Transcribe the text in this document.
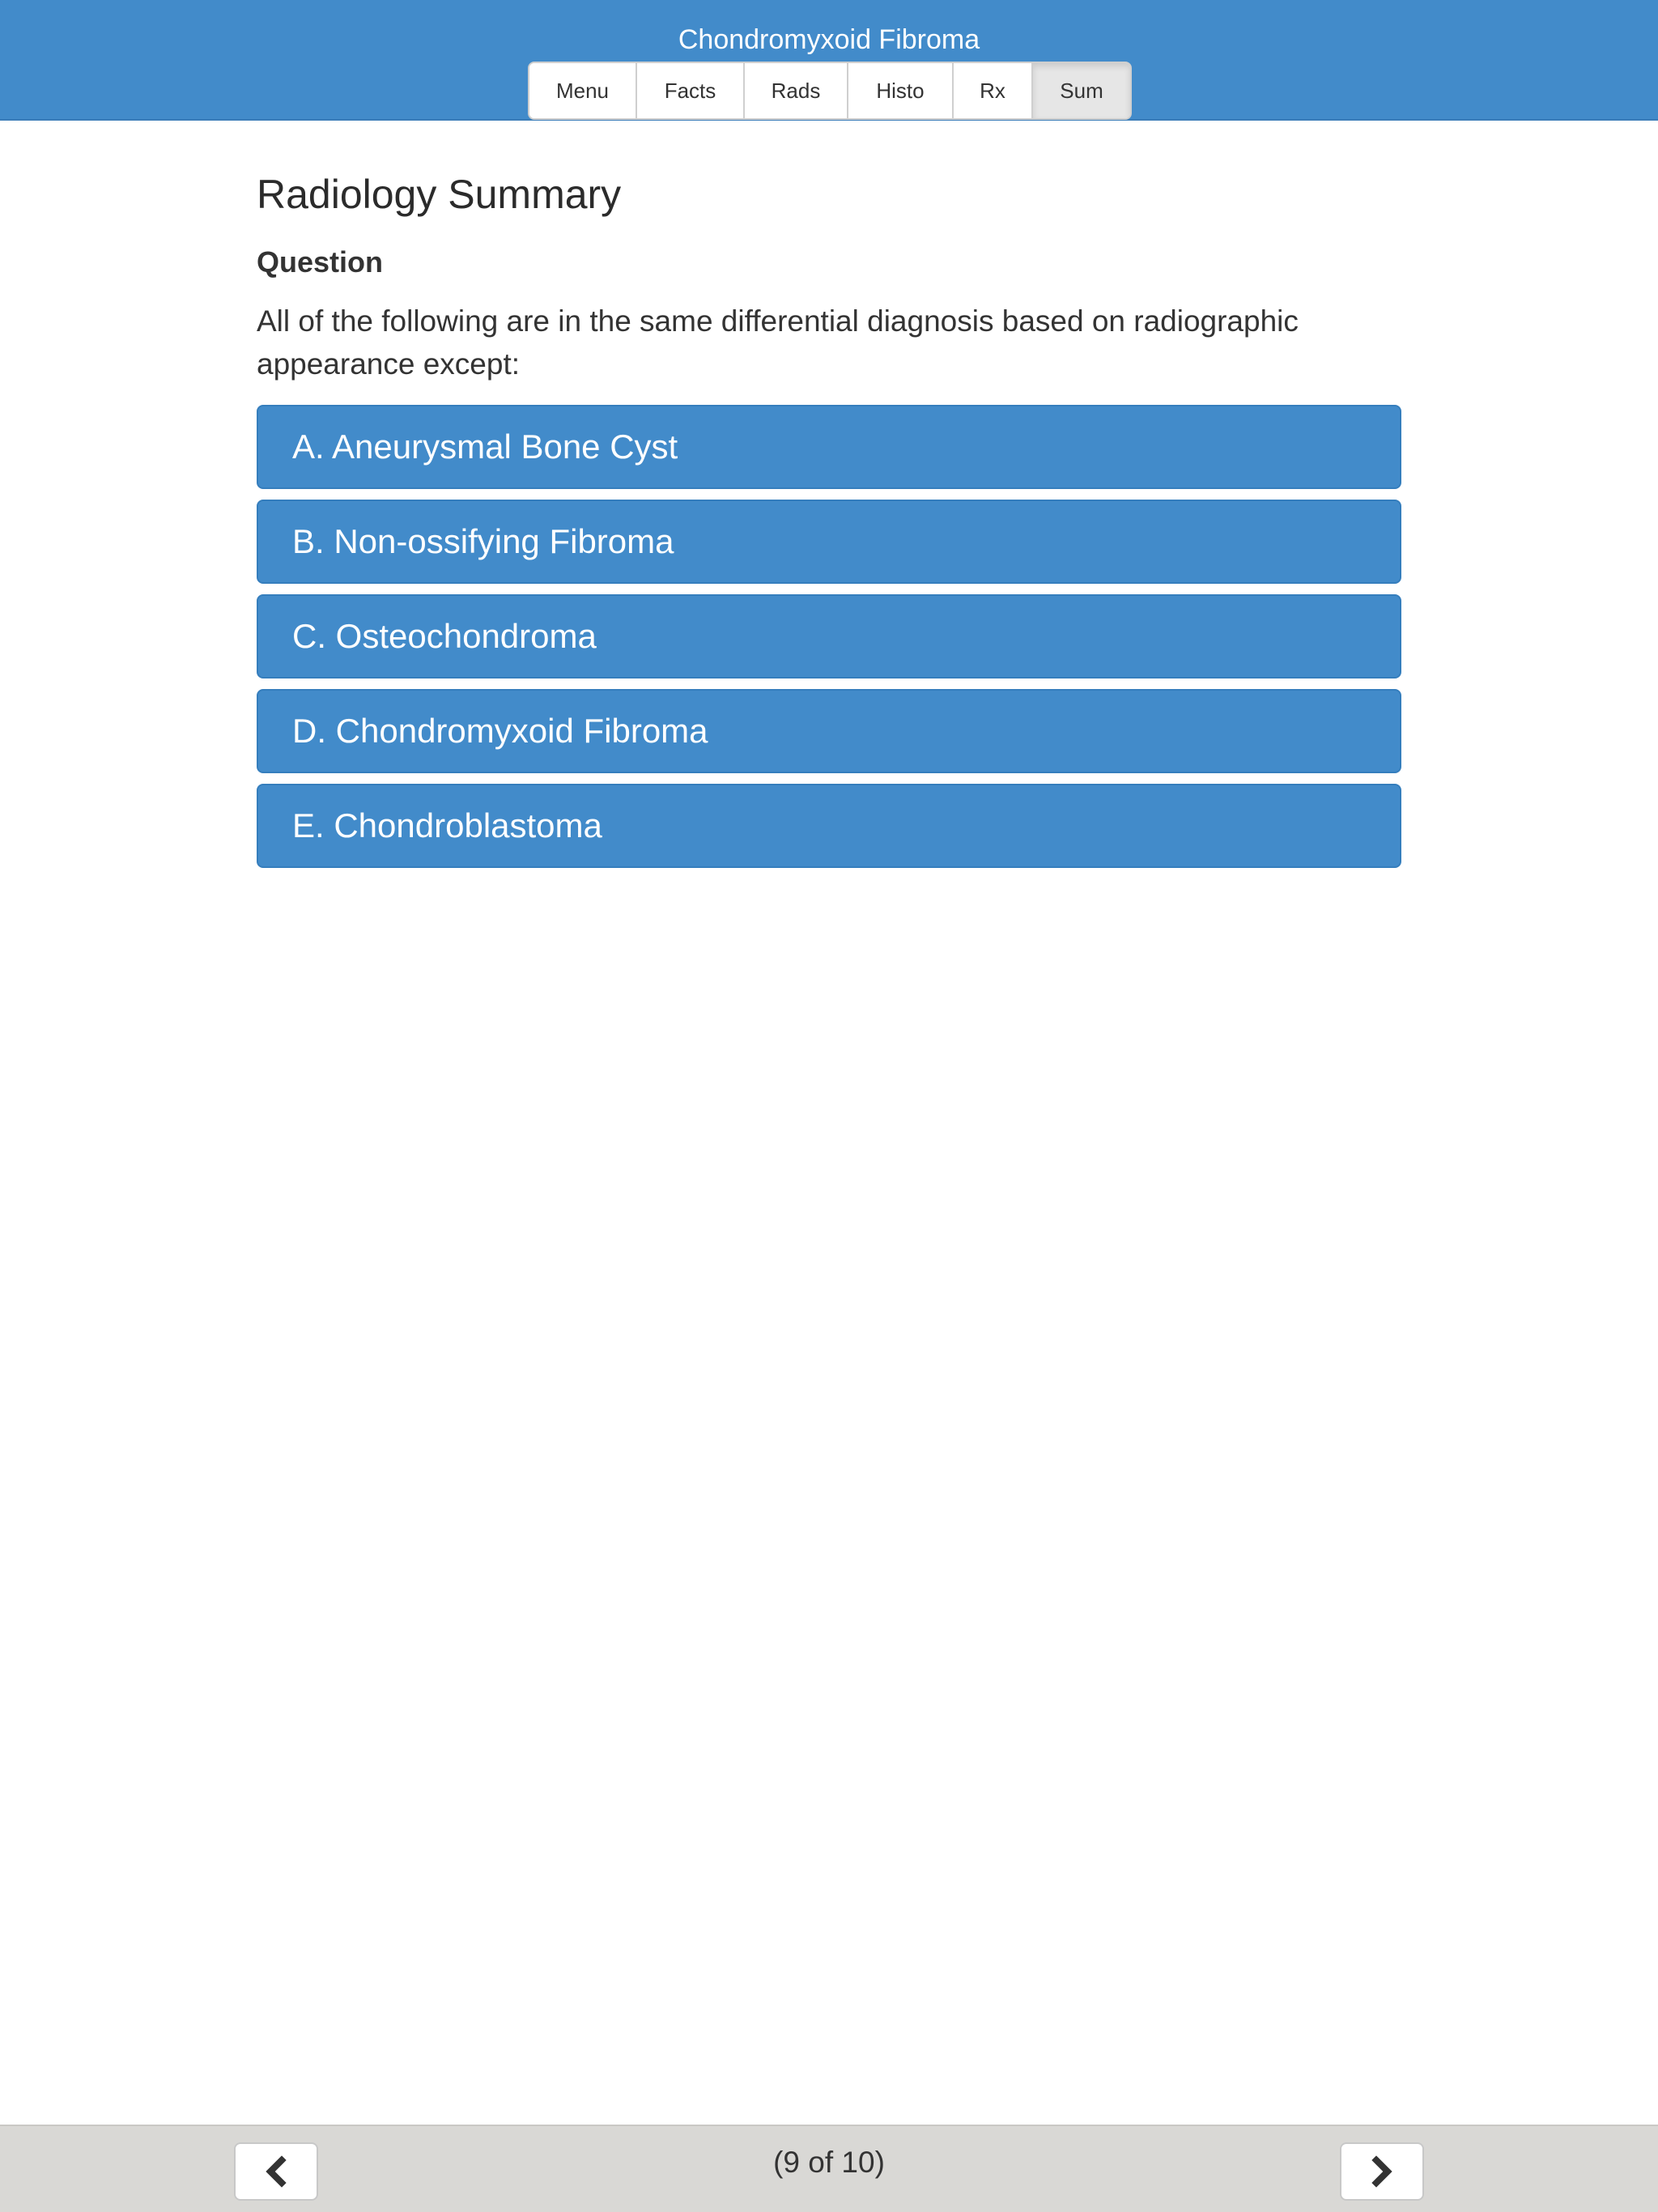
Chondromyxoid Fibroma
Menu	Facts	Rads	Histo	Rx	Sum
Radiology Summary
Question
All of the following are in the same differential diagnosis based on radiographic appearance except:
A. Aneurysmal Bone Cyst
B. Non-ossifying Fibroma
C. Osteochondroma
D. Chondromyxoid Fibroma
E. Chondroblastoma
(9 of 10)
